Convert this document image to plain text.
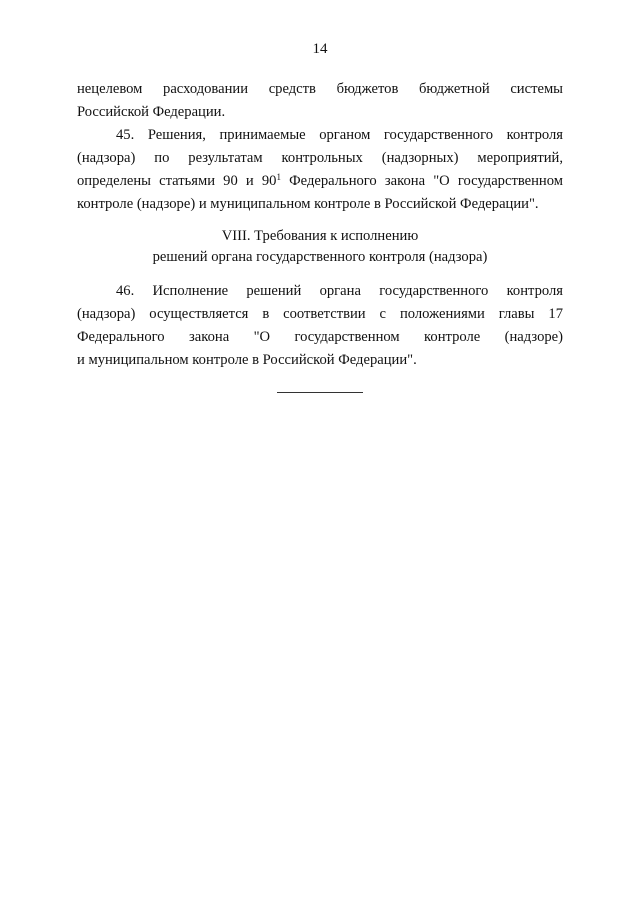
14
нецелевом расходовании средств бюджетов бюджетной системы
Российской Федерации.
45. Решения, принимаемые органом государственного контроля
(надзора) по результатам контрольных (надзорных) мероприятий,
определены статьями 90 и $90^1$ Федерального закона "О государственном
контроле (надзоре) и муниципальном контроле в Российской Федерации".
VIII. Требования к исполнению
решений органа государственного контроля (надзора)
46. Исполнение решений органа государственного контроля
(надзора) осуществляется в соответствии с положениями главы 17
Федерального закона "О государственном контроле (надзоре)
и муниципальном контроле в Российской Федерации".
